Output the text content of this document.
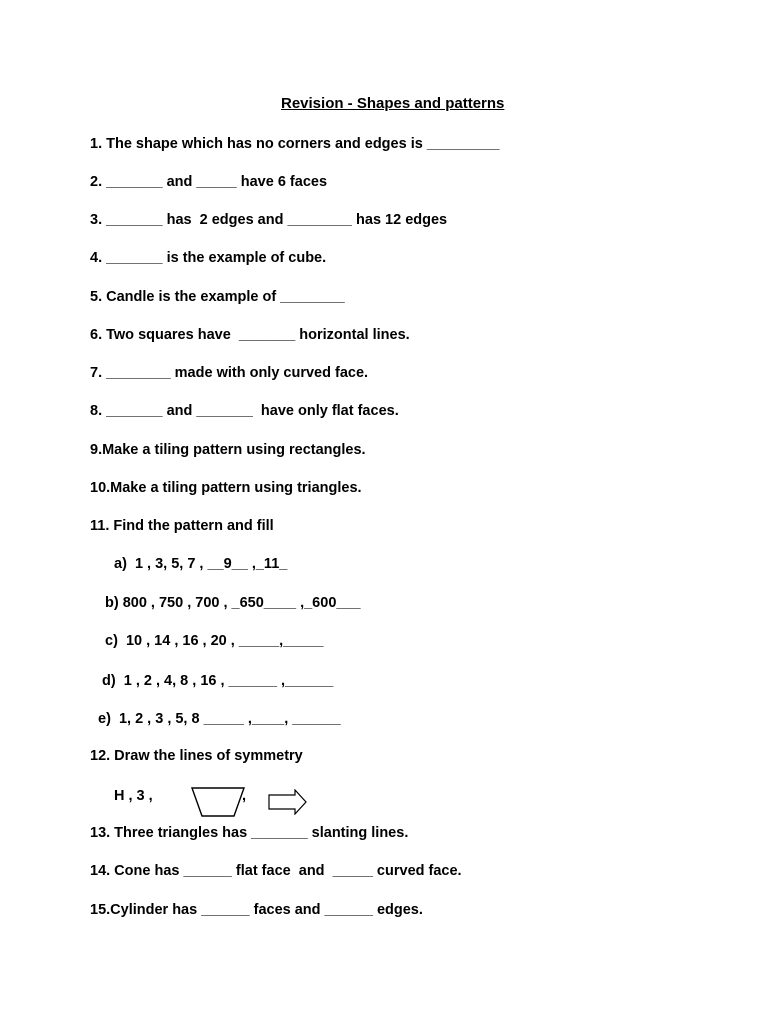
Revision - Shapes and patterns
1. The shape which has no corners and edges is _________
2. _______ and _____ have 6 faces
3. _______ has  2 edges and ________ has 12 edges
4. _______ is the example of cube.
5. Candle is the example of ________
6. Two squares have  _______ horizontal lines.
7. ________ made with only curved face.
8. _______ and _______  have only flat faces.
9.Make a tiling pattern using rectangles.
10.Make a tiling pattern using triangles.
11. Find the pattern and fill
a)  1 , 3, 5, 7 , __9__ ,_11_
b) 800 , 750 , 700 , _650____ ,_600___
c)  10 , 14 , 16 , 20 , _____,_____
d)  1 , 2 , 4, 8 , 16 , ______ ,______
e)  1, 2 , 3 , 5, 8 _____ ,____, ______
12. Draw the lines of symmetry
H , 3 ,	,
13. Three triangles has _______ slanting lines.
14. Cone has ______ flat face  and  _____ curved face.
15.Cylinder has ______ faces and ______ edges.
